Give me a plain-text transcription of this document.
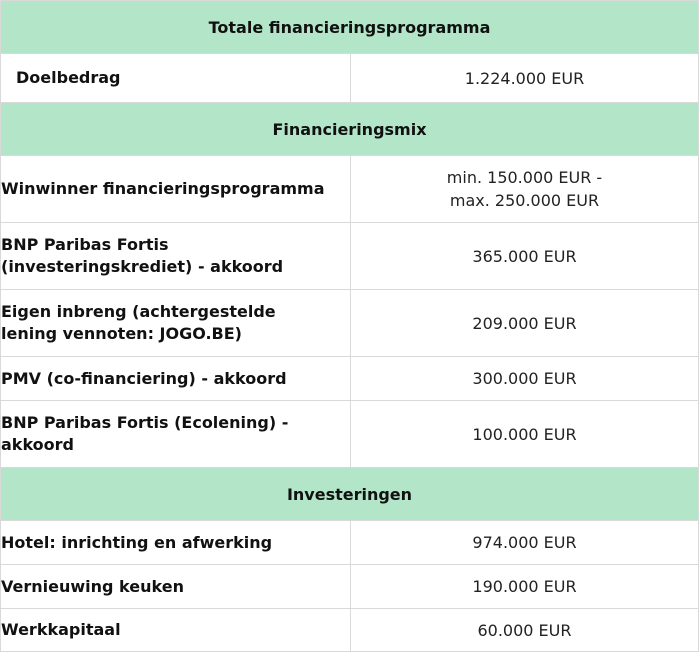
Totale financieringsprogramma	
Doelbedrag	1.224.000 EUR
Financieringsmix	
Winwinner financieringsprogramma	min. 150.000 EUR -
max. 250.000 EUR

BNP Paribas Fortis
(investeringskrediet) - akkoord	365.000 EUR

Eigen inbreng (achtergestelde
lening vennoten: JOGO.BE)	209.000 EUR
PMV (co-financiering) - akkoord	300.000 EUR

BNP Paribas Fortis (Ecolening) -
akkoord	100.000 EUR
Investeringen	
Hotel: inrichting en afwerking	974.000 EUR
Vernieuwing keuken	190.000 EUR
Werkkapitaal	60.000 EUR
